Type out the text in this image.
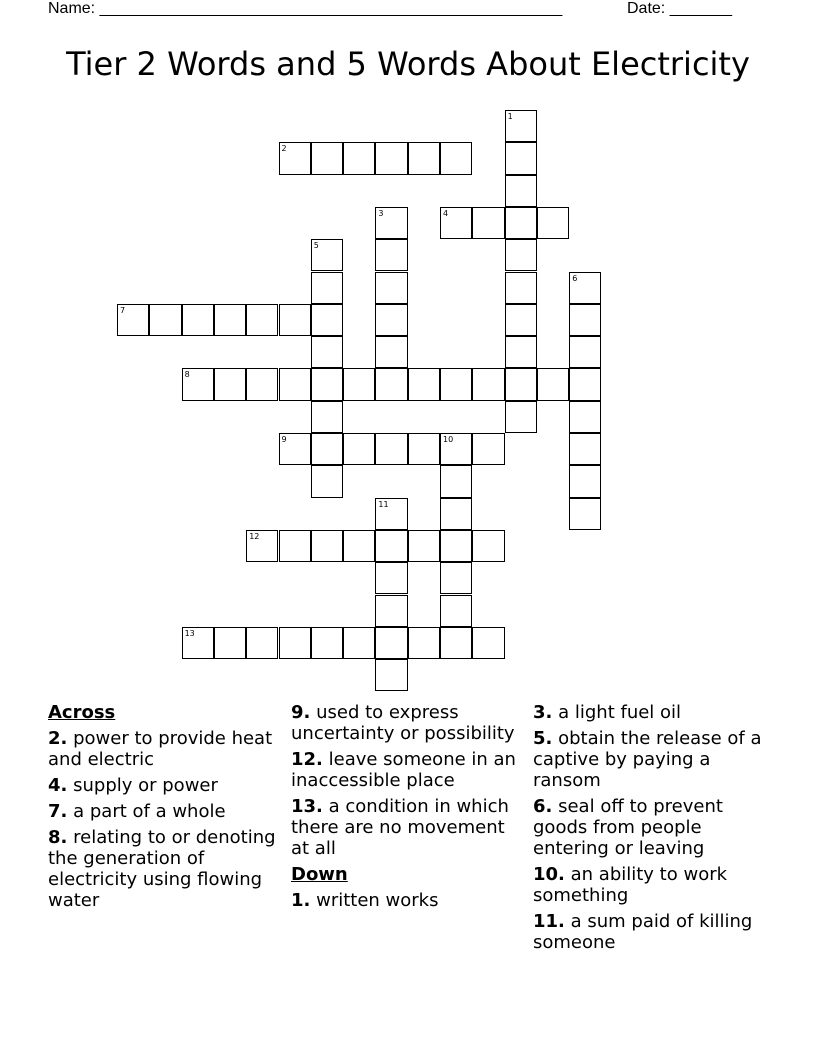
Name: ____________________________________________________	Date: _______
Tier 2 Words and 5 Words About Electricity
1
2
3	4
5
6
7
8
9	10
11
12
13
Across
2. power to provide heat and electric
4. supply or power
7. a part of a whole
8. relating to or denoting the generation of electricity using flowing water
9. used to express uncertainty or possibility
12. leave someone in an inaccessible place
13. a condition in which there are no movement at all
Down
1. written works
3. a light fuel oil
5. obtain the release of a captive by paying a ransom
6. seal off to prevent goods from people entering or leaving
10. an ability to work something
11. a sum paid of killing someone
